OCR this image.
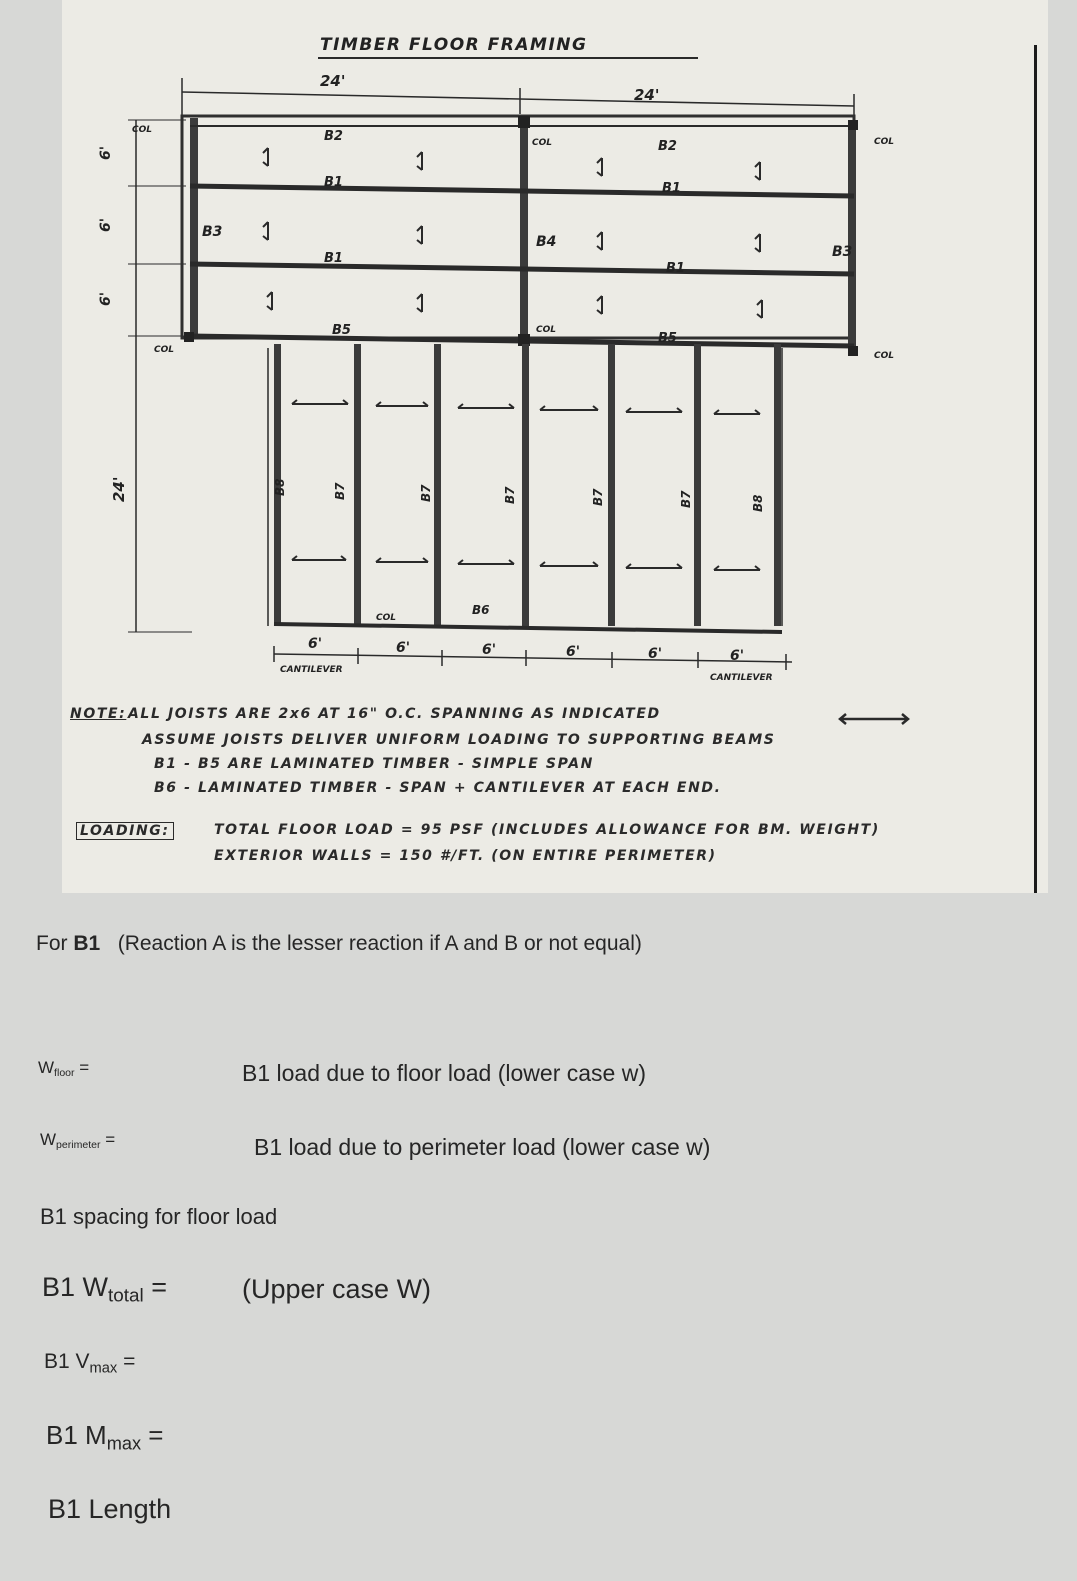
TIMBER FLOOR FRAMING
24'
24'
6'
6'
6'
24'
B2
B1
B1
B5
B2
B1
B1
B5
B3
B4
B3
COL
COL	COL
COL
COL
COL
COL
B8	B7	B7	B7	B7	B7	B8
B6
6'	6'	6'	6'	6'	6'
CANTILEVER
CANTILEVER
NOTE: ALL JOISTS ARE 2x6 AT 16" O.C. SPANNING AS INDICATED
ASSUME JOISTS DELIVER UNIFORM LOADING TO SUPPORTING BEAMS
B1 - B5 ARE LAMINATED TIMBER - SIMPLE SPAN
B6 - LAMINATED TIMBER - SPAN + CANTILEVER AT EACH END.
LOADING:	TOTAL FLOOR LOAD = 95 PSF (INCLUDES ALLOWANCE FOR BM. WEIGHT)
EXTERIOR WALLS = 150 #/FT. (ON ENTIRE PERIMETER)
For B1 (Reaction A is the lesser reaction if A and B or not equal)
$W_{floor}$ =	B1 load due to floor load (lower case w)
$W_{perimeter}$ =	B1 load due to perimeter load (lower case w)
B1 spacing for floor load
B1 $W_{total}$ =	(Upper case W)
B1 $V_{max}$ =
B1 $M_{max}$ =
B1 Length
